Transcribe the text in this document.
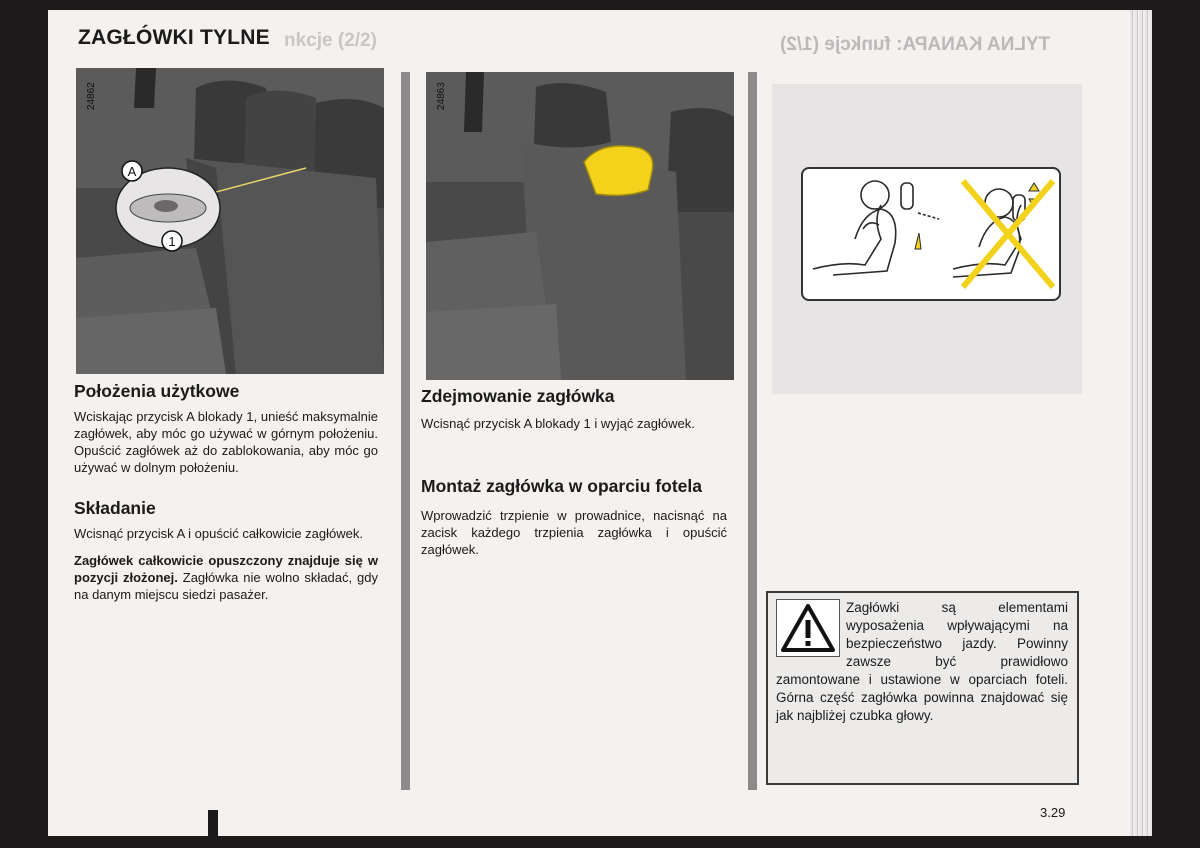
nkcje (2/2)	TYLNA KANAPA: funkcje (1/2)
ZAGŁÓWKI TYLNE
A
1
24862
Położenia użytkowe

Wciskając przycisk A blokady 1, unieść maksymalnie zagłówek, aby móc go używać w górnym położeniu. Opuścić zagłówek aż do zablokowania, aby móc go używać w dolnym położeniu.

Składanie

Wcisnąć przycisk A i opuścić całkowicie zagłówek.

Zagłówek całkowicie opuszczony znajduje się w pozycji złożonej. Zagłówka nie wolno składać, gdy na danym miejscu siedzi pasażer.

24863
Zdejmowanie zagłówka

Wcisnąć przycisk A blokady 1 i wyjąć zagłówek.

Montaż zagłówka w oparciu fotela

Wprowadzić trzpienie w prowadnice, nacisnąć na zacisk każdego trzpienia zagłówka i opuścić zagłówek.

Zagłówki są elementami wyposażenia wpływającymi na bezpieczeństwo jazdy. Powinny zawsze być prawidłowo zamontowane i ustawione w oparciach foteli. Górna część zagłówka powinna znajdować się jak najbliżej czubka głowy.
3.29
